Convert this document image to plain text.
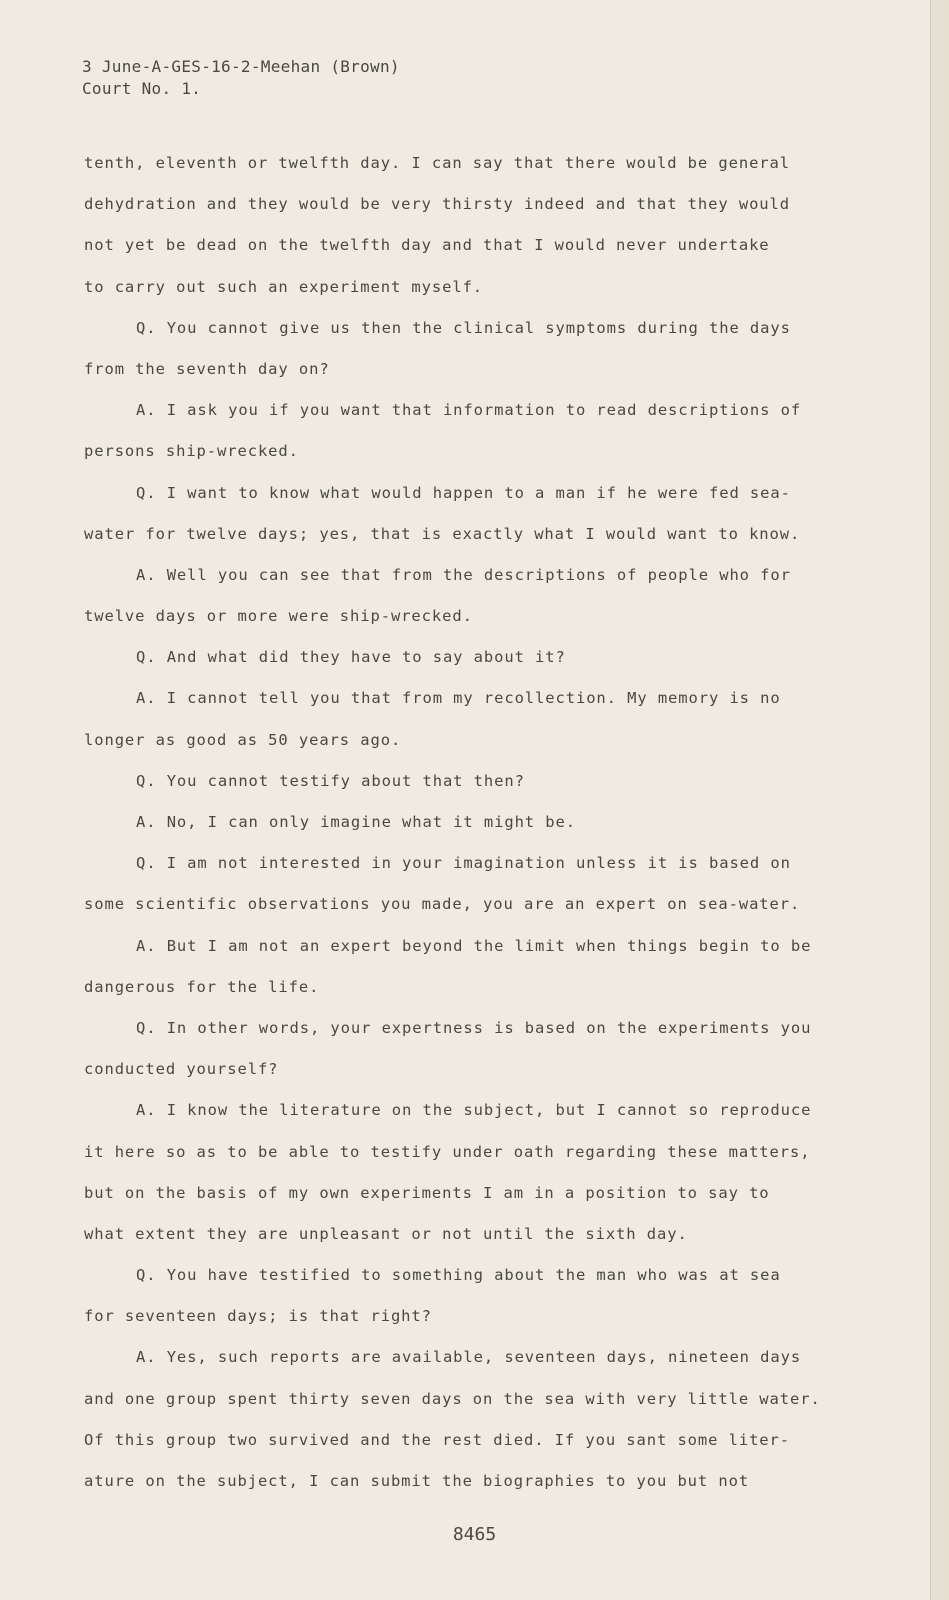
3 June-A-GES-16-2-Meehan (Brown)
Court No. 1.
tenth, eleventh or twelfth day. I can say that there would be general
dehydration and they would be very thirsty indeed and that they would
not yet be dead on the twelfth day and that I would never undertake
to carry out such an experiment myself.
Q. You cannot give us then the clinical symptoms during the days
from the seventh day on?
A. I ask you if you want that information to read descriptions of
persons ship-wrecked.
Q. I want to know what would happen to a man if he were fed sea-
water for twelve days; yes, that is exactly what I would want to know.
A. Well you can see that from the descriptions of people who for
twelve days or more were ship-wrecked.
Q. And what did they have to say about it?
A. I cannot tell you that from my recollection. My memory is no
longer as good as 50 years ago.
Q. You cannot testify about that then?
A. No, I can only imagine what it might be.
Q. I am not interested in your imagination unless it is based on
some scientific observations you made, you are an expert on sea-water.
A. But I am not an expert beyond the limit when things begin to be
dangerous for the life.
Q. In other words, your expertness is based on the experiments you
conducted yourself?
A. I know the literature on the subject, but I cannot so reproduce
it here so as to be able to testify under oath regarding these matters,
but on the basis of my own experiments I am in a position to say to
what extent they are unpleasant or not until the sixth day.
Q. You have testified to something about the man who was at sea
for seventeen days; is that right?
A. Yes, such reports are available, seventeen days, nineteen days
and one group spent thirty seven days on the sea with very little water.
Of this group two survived and the rest died. If you sant some liter-
ature on the subject, I can submit the biographies to you but not
8465
